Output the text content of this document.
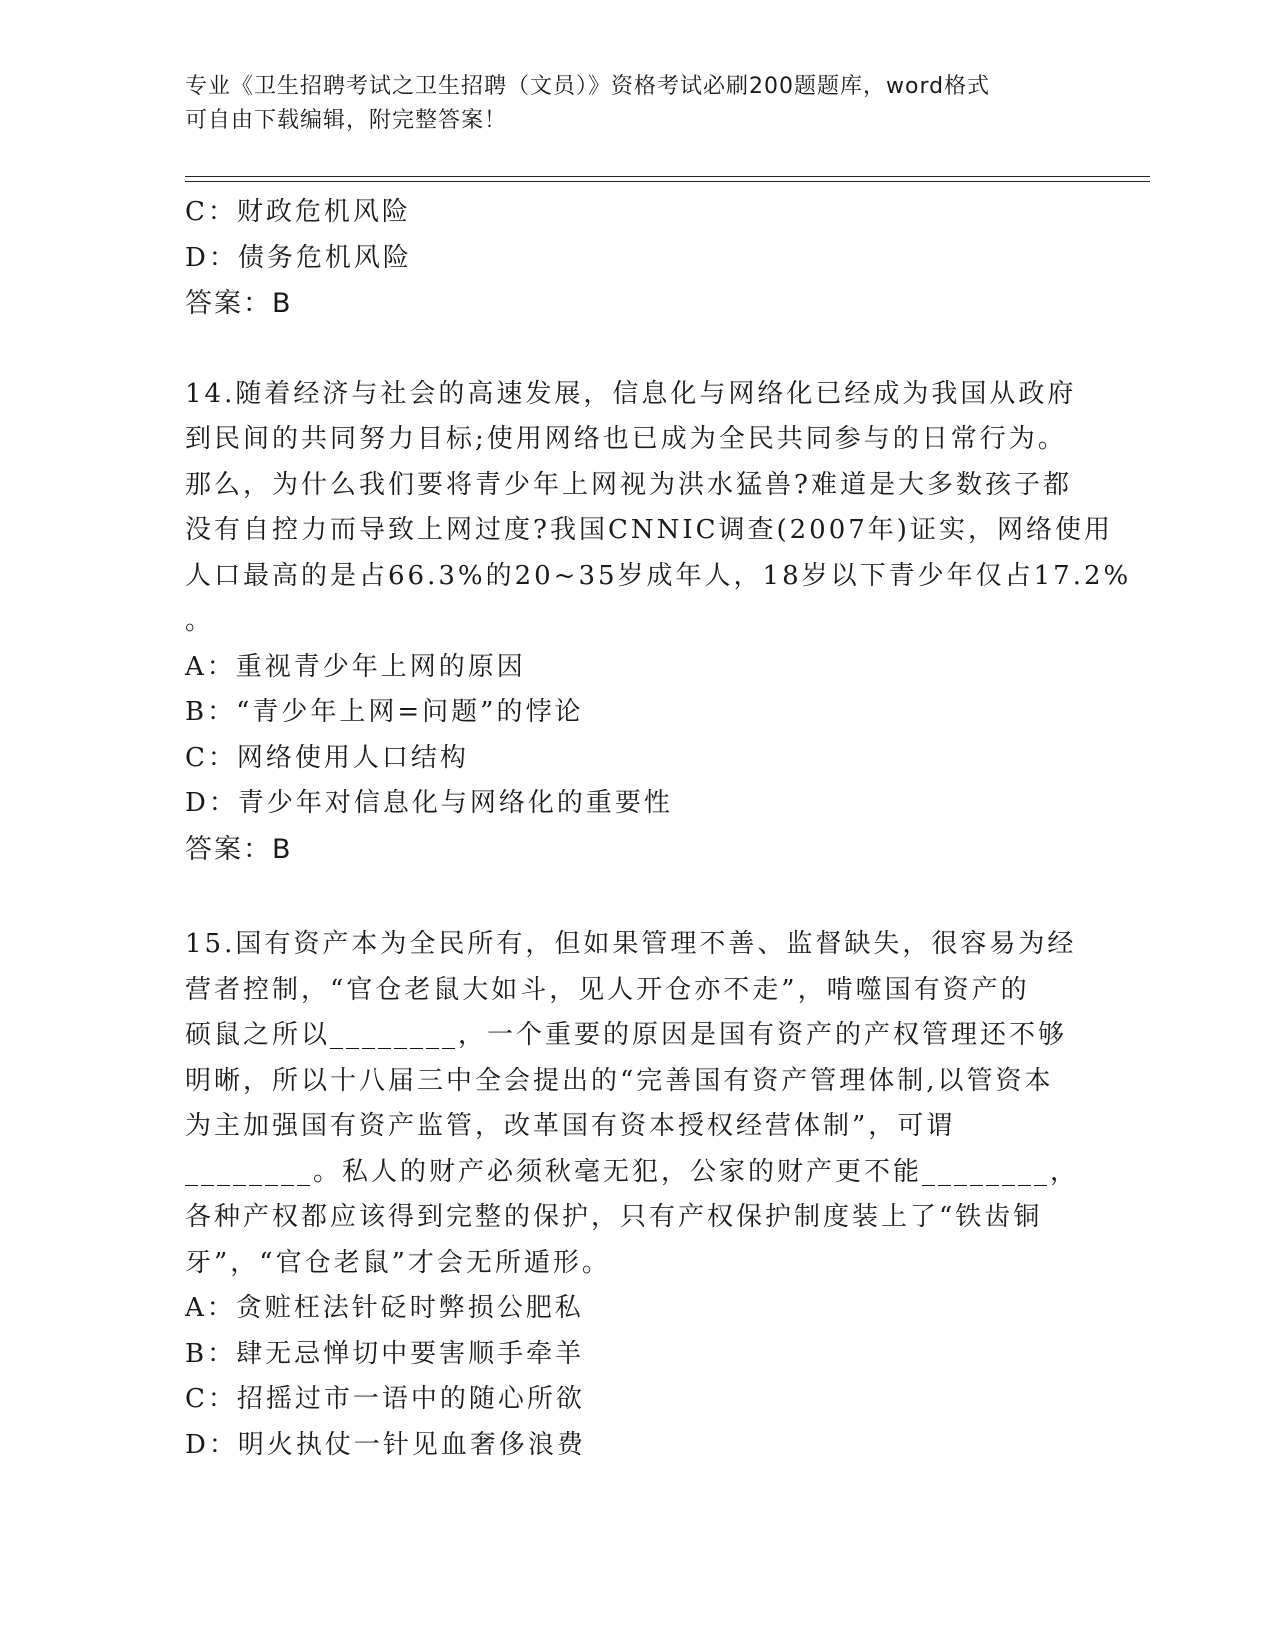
专业《卫生招聘考试之卫生招聘（文员）》资格考试必刷200题题库，word格式
可自由下载编辑，附完整答案！
C：财政危机风险
D：债务危机风险
答案：B
14.随着经济与社会的高速发展，信息化与网络化已经成为我国从政府
到民间的共同努力目标;使用网络也已成为全民共同参与的日常行为。
那么，为什么我们要将青少年上网视为洪水猛兽?难道是大多数孩子都
没有自控力而导致上网过度?我国CNNIC调查(2007年)证实，网络使用
人口最高的是占66.3%的20~35岁成年人，18岁以下青少年仅占17.2%
。
A：重视青少年上网的原因
B：“青少年上网=问题”的悖论
C：网络使用人口结构
D：青少年对信息化与网络化的重要性
答案：B
15.国有资产本为全民所有，但如果管理不善、监督缺失，很容易为经
营者控制，“官仓老鼠大如斗，见人开仓亦不走”，啃噬国有资产的
硕鼠之所以________，一个重要的原因是国有资产的产权管理还不够
明晰，所以十八届三中全会提出的“完善国有资产管理体制,以管资本
为主加强国有资产监管，改革国有资本授权经营体制”，可谓
________。私人的财产必须秋毫无犯，公家的财产更不能________，
各种产权都应该得到完整的保护，只有产权保护制度装上了“铁齿铜
牙”，“官仓老鼠”才会无所遁形。
A：贪赃枉法针砭时弊损公肥私
B：肆无忌惮切中要害顺手牵羊
C：招摇过市一语中的随心所欲
D：明火执仗一针见血奢侈浪费
